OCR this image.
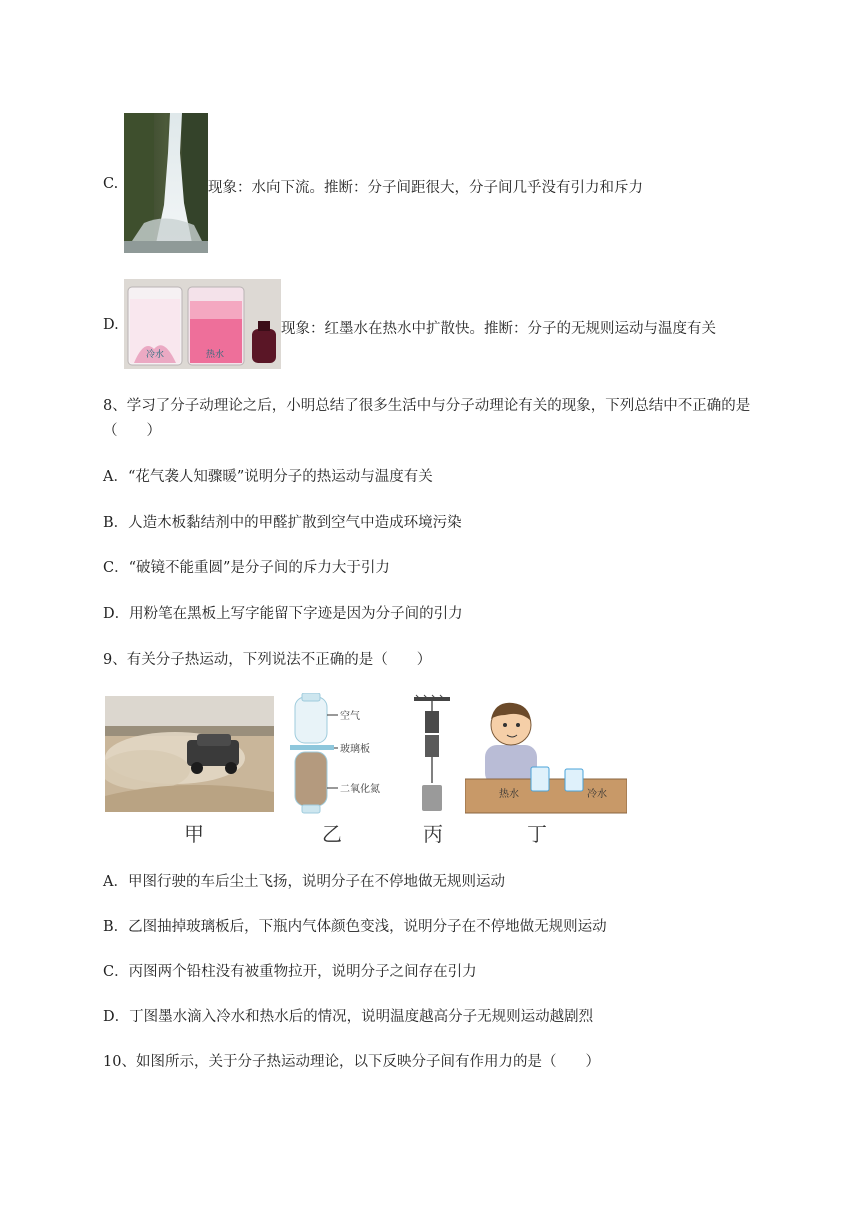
C.	现象：水向下流。推断：分子间距很大，分子间几乎没有引力和斥力
D.
冷水	热水
现象：红墨水在热水中扩散快。推断：分子的无规则运动与温度有关
8、学习了分子动理论之后，小明总结了很多生活中与分子动理论有关的现象，下列总结中不正确的是
（　　）
A．“花气袭人知骤暖”说明分子的热运动与温度有关
B．人造木板黏结剂中的甲醛扩散到空气中造成环境污染
C．“破镜不能重圆”是分子间的斥力大于引力
D．用粉笔在黑板上写字能留下字迹是因为分子间的引力
9、有关分子热运动，下列说法不正确的是（　　）
甲
空气
玻璃板
二氧化氮
乙	丙
热水	冷水
丁
A．甲图行驶的车后尘土飞扬，说明分子在不停地做无规则运动
B．乙图抽掉玻璃板后，下瓶内气体颜色变浅，说明分子在不停地做无规则运动
C．丙图两个铅柱没有被重物拉开，说明分子之间存在引力
D．丁图墨水滴入冷水和热水后的情况，说明温度越高分子无规则运动越剧烈
10、如图所示，关于分子热运动理论，以下反映分子间有作用力的是（　　）
